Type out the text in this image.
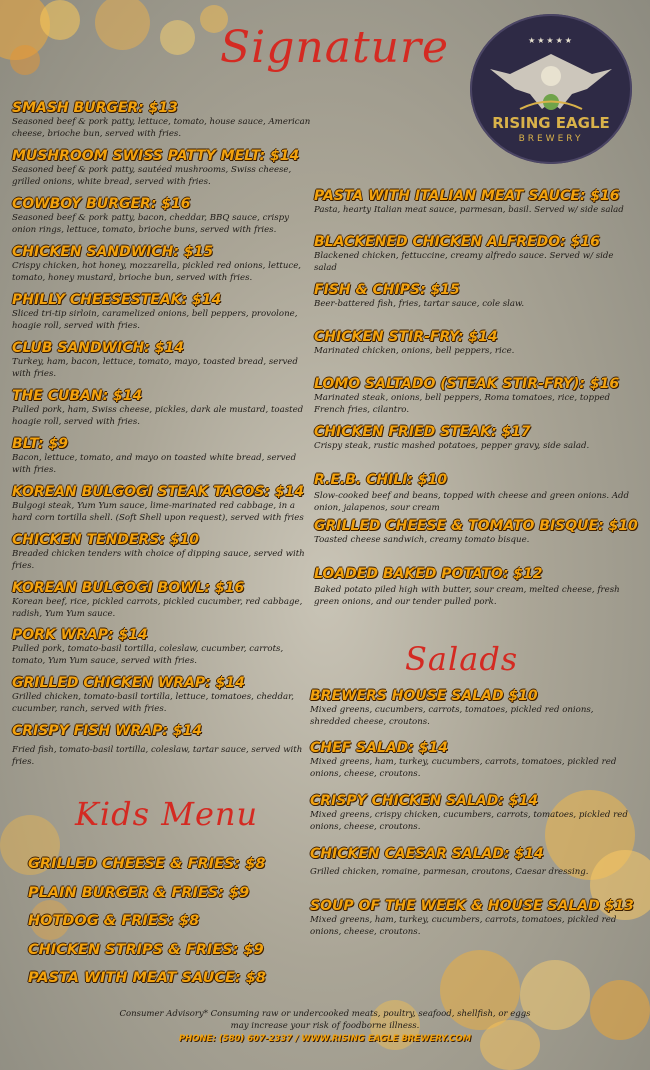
★★★★★
RISING EAGLE
BREWERY
Signature
Salads
Kids Menu
SMASH BURGER: $13
Seasoned beef & pork patty, lettuce, tomato, house sauce, American cheese, brioche bun, served with fries.
MUSHROOM SWISS PATTY MELT: $14
Seasoned beef & pork patty, sautéed mushrooms, Swiss cheese, grilled onions, white bread, served with fries.
COWBOY BURGER: $16
Seasoned beef & pork patty, bacon, cheddar, BBQ sauce, crispy onion rings, lettuce, tomato, brioche buns, served with fries.
CHICKEN SANDWICH: $15
Crispy chicken, hot honey, mozzarella, pickled red onions, lettuce, tomato, honey mustard, brioche bun, served with fries.
PHILLY CHEESESTEAK: $14
Sliced tri-tip sirloin, caramelized onions, bell peppers, provolone, hoagie roll, served with fries.
CLUB SANDWICH: $14
Turkey, ham, bacon, lettuce, tomato, mayo, toasted bread, served with fries.
THE CUBAN: $14
Pulled pork, ham, Swiss cheese, pickles, dark ale mustard, toasted hoagie roll, served with fries.
BLT: $9
Bacon, lettuce, tomato, and mayo on toasted white bread, served with fries.
KOREAN BULGOGI STEAK TACOS: $14
Bulgogi steak, Yum Yum sauce, lime-marinated red cabbage, in a hard corn tortilla shell. (Soft Shell upon request), served with fries
CHICKEN TENDERS: $10
Breaded chicken tenders with choice of dipping sauce, served with fries.
KOREAN BULGOGI BOWL: $16
Korean beef, rice, pickled carrots, pickled cucumber, red cabbage, radish, Yum Yum sauce.
PORK WRAP: $14
Pulled pork, tomato-basil tortilla, coleslaw, cucumber, carrots, tomato, Yum Yum sauce, served with fries.
GRILLED CHICKEN WRAP: $14
Grilled chicken, tomato-basil tortilla, lettuce, tomatoes, cheddar, cucumber, ranch, served with fries.
CRISPY FISH WRAP: $14
Fried fish, tomato-basil tortilla, coleslaw, tartar sauce, served with fries.
PASTA WITH ITALIAN MEAT SAUCE: $16
Pasta, hearty Italian meat sauce, parmesan, basil. Served w/ side salad
BLACKENED CHICKEN ALFREDO: $16
Blackened chicken, fettuccine, creamy alfredo sauce. Served w/ side salad
FISH & CHIPS: $15
Beer-battered fish, fries, tartar sauce, cole slaw.
CHICKEN STIR-FRY: $14
Marinated chicken, onions, bell peppers, rice.
LOMO SALTADO (STEAK STIR-FRY): $16
Marinated steak, onions, bell peppers, Roma tomatoes, rice, topped French fries, cilantro.
CHICKEN FRIED STEAK: $17
Crispy steak, rustic mashed potatoes, pepper gravy, side salad.
R.E.B. CHILI: $10
Slow-cooked beef and beans, topped with cheese and green onions. Add onion, jalapenos, sour cream
GRILLED CHEESE & TOMATO BISQUE: $10
Toasted cheese sandwich, creamy tomato bisque.
LOADED BAKED POTATO: $12
Baked potato piled high with butter, sour cream, melted cheese, fresh green onions, and our tender pulled pork.
BREWERS HOUSE SALAD $10
Mixed greens, cucumbers, carrots, tomatoes, pickled red onions, shredded cheese, croutons.
CHEF SALAD: $14
Mixed greens, ham, turkey, cucumbers, carrots, tomatoes, pickled red onions, cheese, croutons.
CRISPY CHICKEN SALAD: $14
Mixed greens, crispy chicken, cucumbers, carrots, tomatoes, pickled red onions, cheese, croutons.
CHICKEN CAESAR SALAD: $14
Grilled chicken, romaine, parmesan, croutons, Caesar dressing.
SOUP OF THE WEEK & HOUSE SALAD $13
Mixed greens, ham, turkey, cucumbers, carrots, tomatoes, pickled red onions, cheese, croutons.
GRILLED CHEESE & FRIES: $8
PLAIN BURGER & FRIES: $9
HOTDOG & FRIES: $8
CHICKEN STRIPS & FRIES: $9
PASTA WITH MEAT SAUCE: $8
Consumer Advisory* Consuming raw or undercooked meats, poultry, seafood, shellfish, or eggs
may increase your risk of foodborne illness.
PHONE: (580) 607-2337 / WWW.RISING EAGLE BREWERY.COM
